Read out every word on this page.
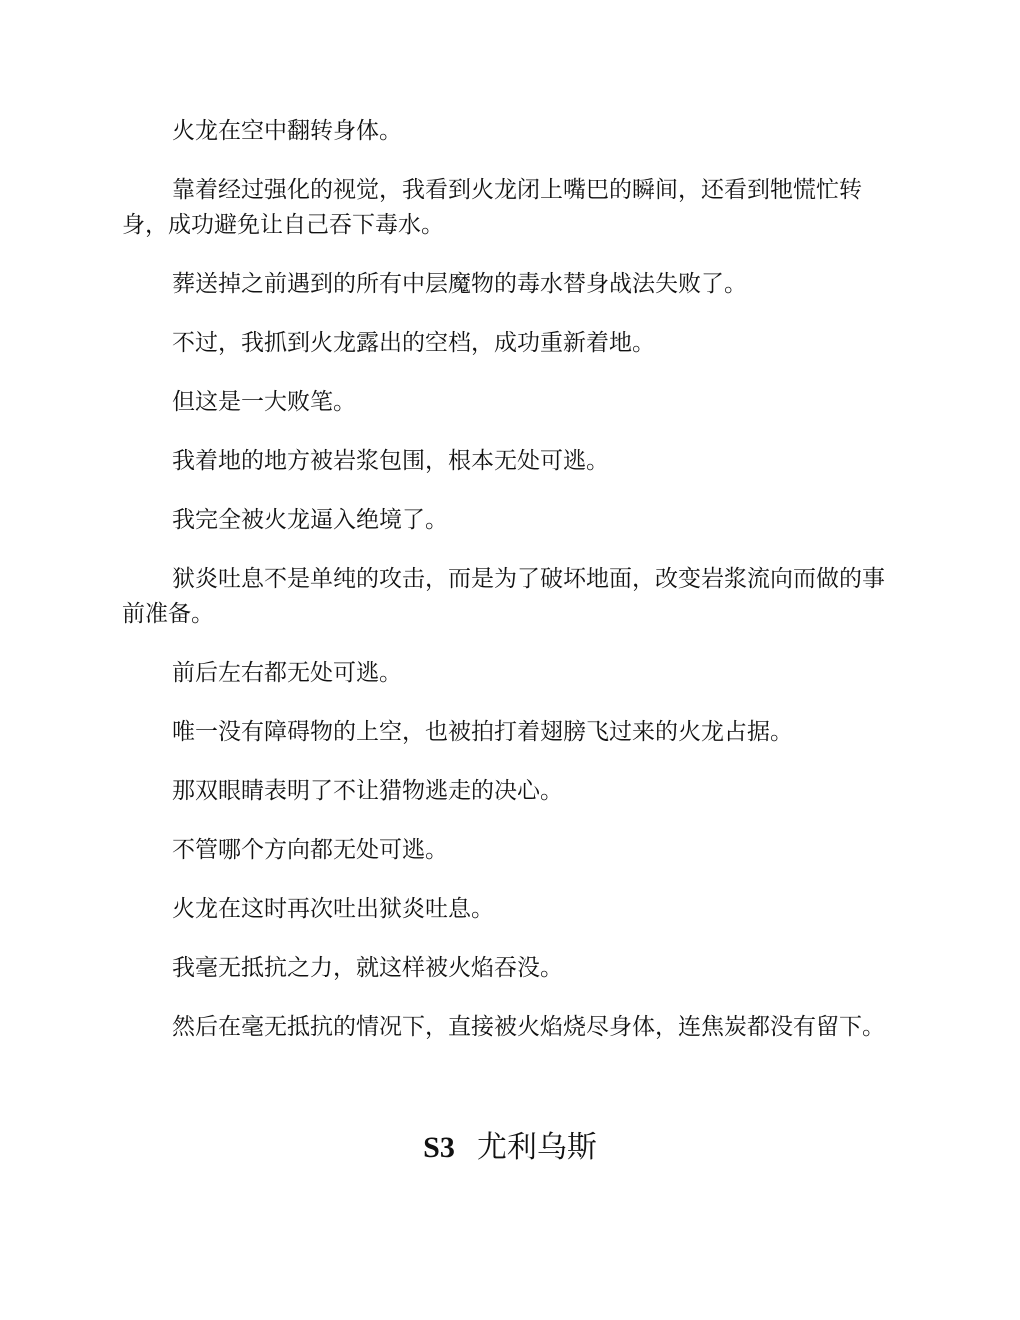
火龙在空中翻转身体。

靠着经过强化的视觉，我看到火龙闭上嘴巴的瞬间，还看到牠慌忙转身，成功避免让自己吞下毒水。

葬送掉之前遇到的所有中层魔物的毒水替身战法失败了。

不过，我抓到火龙露出的空档，成功重新着地。

但这是一大败笔。

我着地的地方被岩浆包围，根本无处可逃。

我完全被火龙逼入绝境了。

狱炎吐息不是单纯的攻击，而是为了破坏地面，改变岩浆流向而做的事前准备。

前后左右都无处可逃。

唯一没有障碍物的上空，也被拍打着翅膀飞过来的火龙占据。

那双眼睛表明了不让猎物逃走的决心。

不管哪个方向都无处可逃。

火龙在这时再次吐出狱炎吐息。

我毫无抵抗之力，就这样被火焰吞没。

然后在毫无抵抗的情况下，直接被火焰烧尽身体，连焦炭都没有留下。

S3 尤利乌斯
